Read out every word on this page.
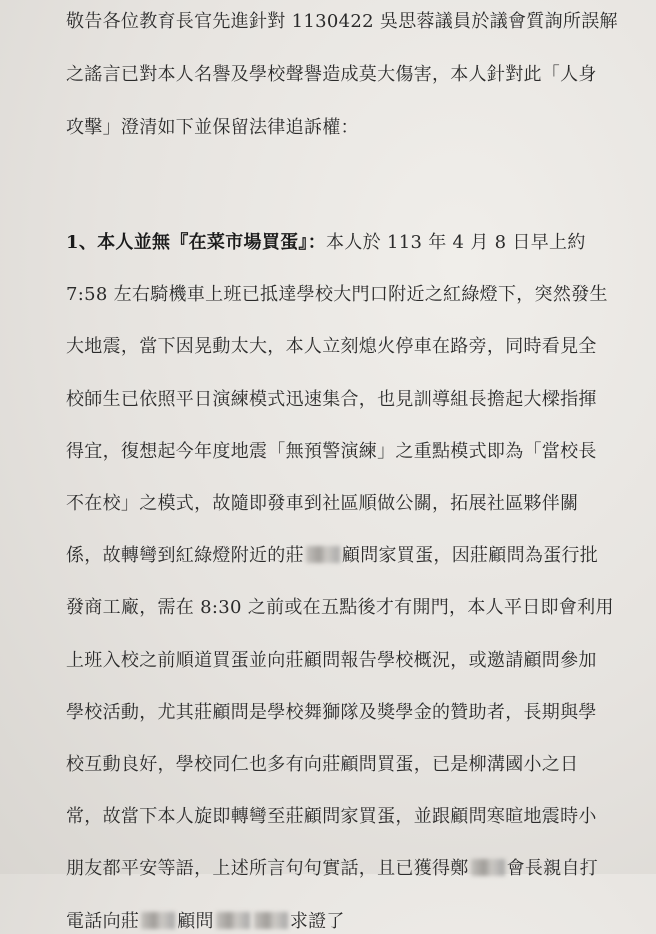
敬告各位教育長官先進針對 1130422 吳思蓉議員於議會質詢所誤解
之謠言已對本人名譽及學校聲譽造成莫大傷害，本人針對此「人身
攻擊」澄清如下並保留法律追訴權：
1、本人並無『在菜市場買蛋』：本人於 113 年 4 月 8 日早上約
7:58 左右騎機車上班已抵達學校大門口附近之紅綠燈下，突然發生
大地震，當下因晃動太大，本人立刻熄火停車在路旁，同時看見全
校師生已依照平日演練模式迅速集合，也見訓導組長擔起大樑指揮
得宜，復想起今年度地震「無預警演練」之重點模式即為「當校長
不在校」之模式，故隨即發車到社區順做公關，拓展社區夥伴關
係，故轉彎到紅綠燈附近的莊 顧問家買蛋，因莊顧問為蛋行批
發商工廠，需在 8:30 之前或在五點後才有開門，本人平日即會利用
上班入校之前順道買蛋並向莊顧問報告學校概況，或邀請顧問參加
學校活動，尤其莊顧問是學校舞獅隊及獎學金的贊助者，長期與學
校互動良好，學校同仁也多有向莊顧問買蛋，已是柳溝國小之日
常，故當下本人旋即轉彎至莊顧問家買蛋，並跟顧問寒暄地震時小
朋友都平安等語，上述所言句句實話，且已獲得鄭 會長親自打
電話向莊 顧問	求證了
